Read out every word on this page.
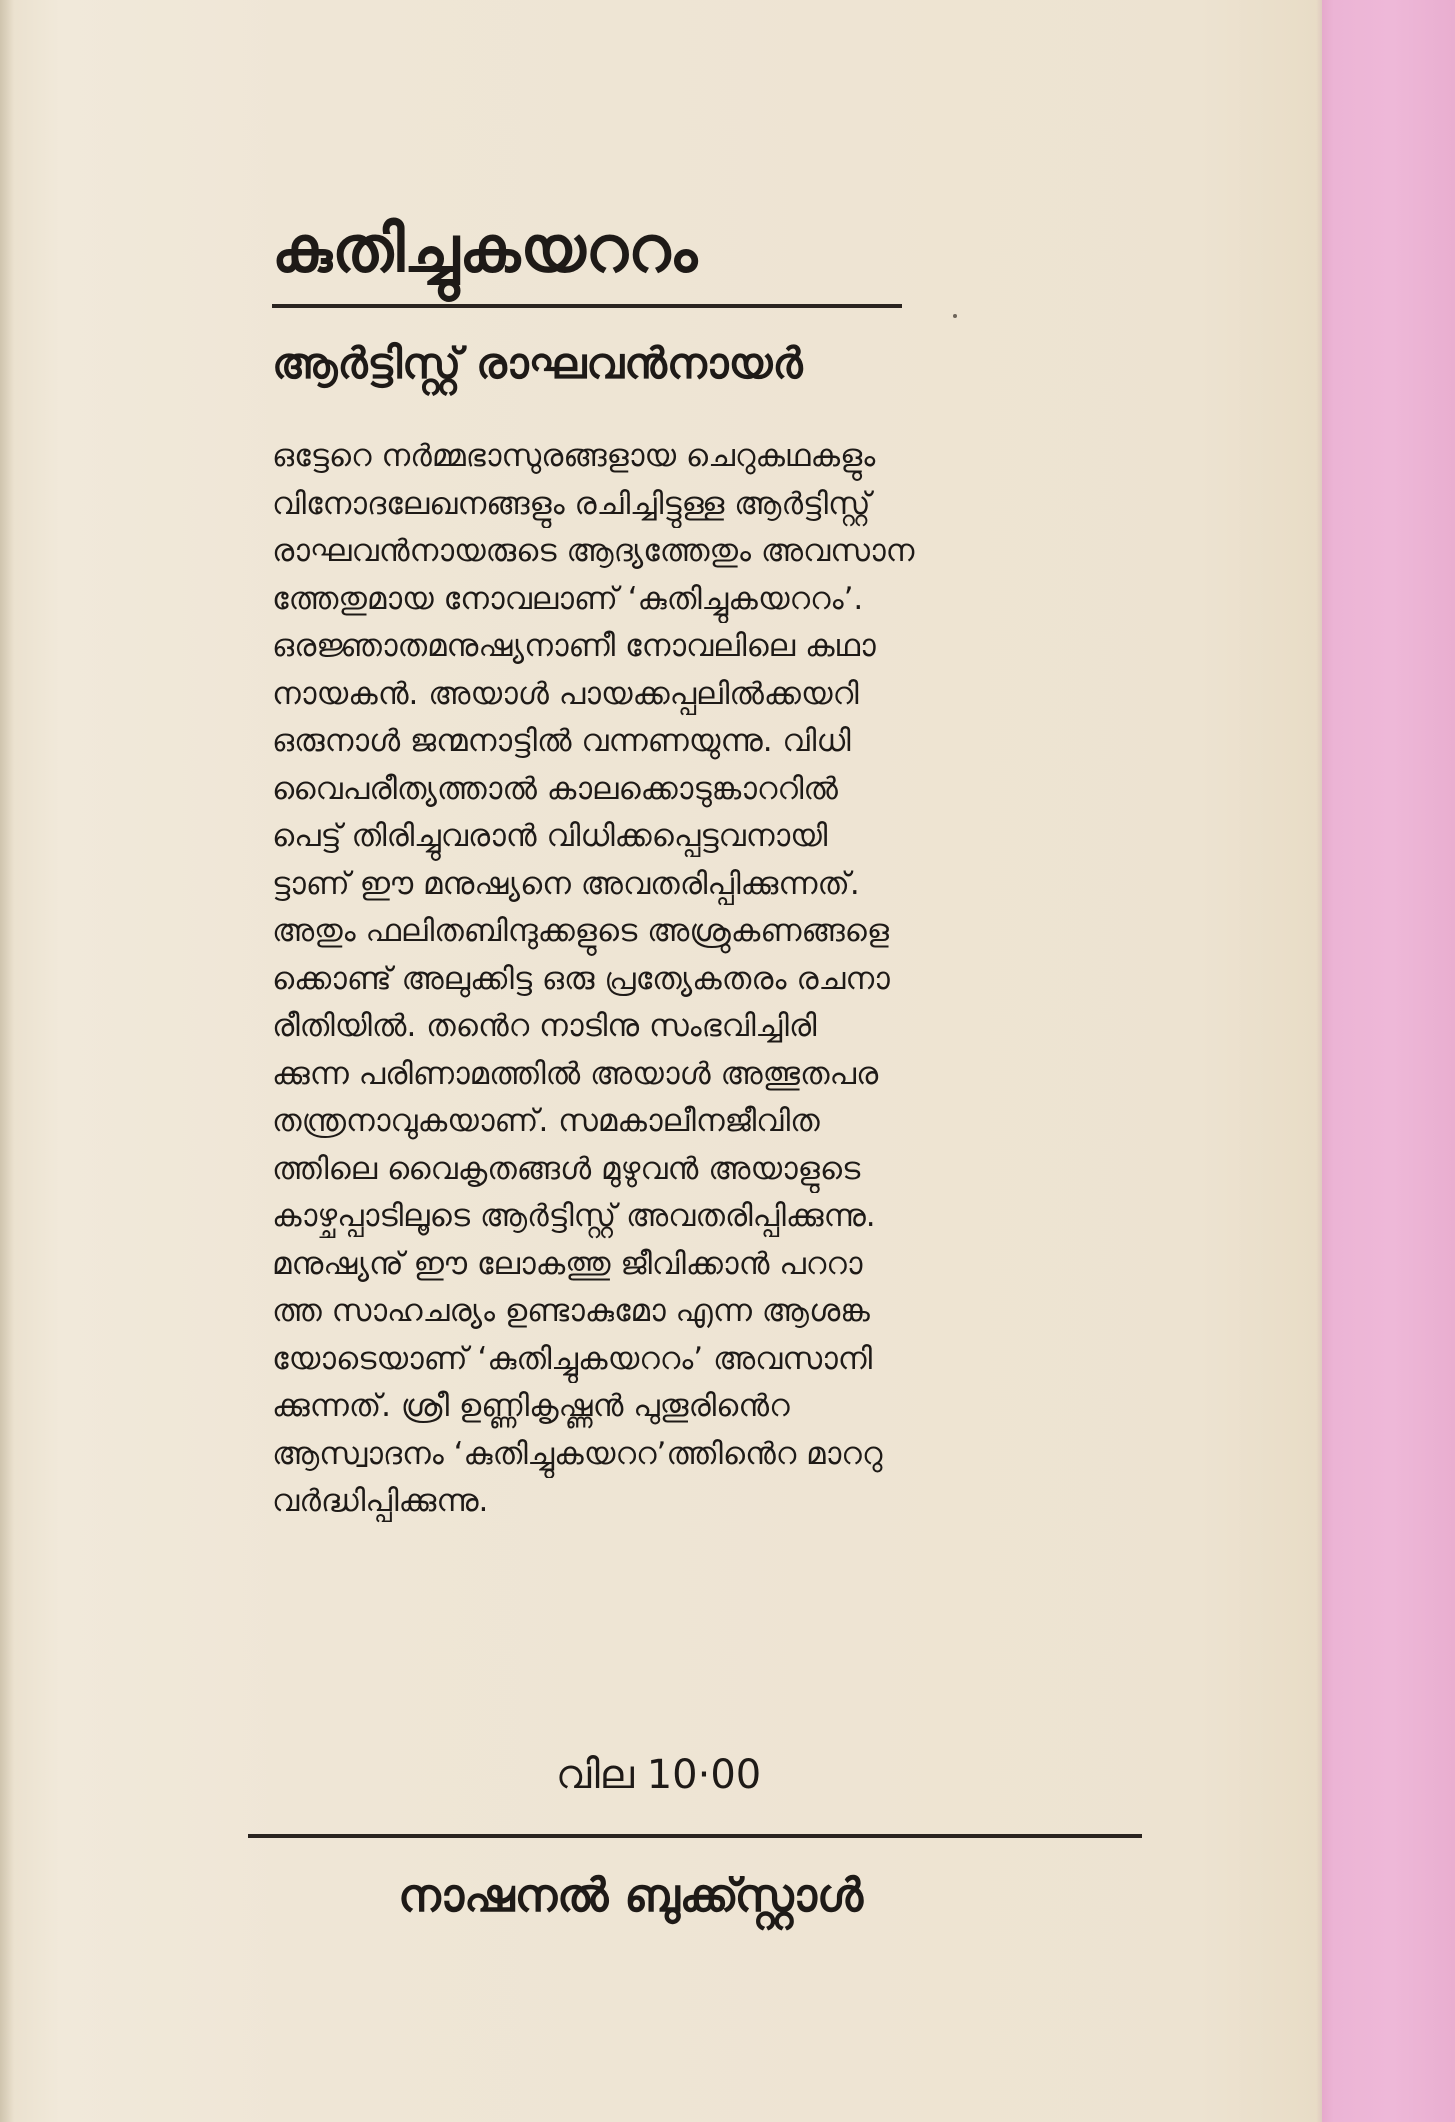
കുതിച്ചുകയററം
ആർട്ടിസ്റ്റ് രാഘവൻനായർ
ഒട്ടേറെ നർമ്മഭാസുരങ്ങളായ ചെറുകഥകളും
വിനോദലേഖനങ്ങളും രചിച്ചിട്ടുള്ള ആർട്ടിസ്റ്റ്
രാഘവൻനായരുടെ ആദ്യത്തേതും അവസാന
ത്തേതുമായ നോവലാണ് ‘കുതിച്ചുകയററം’.
ഒരജ്ഞാതമനുഷ്യനാണീ നോവലിലെ കഥാ
നായകൻ. അയാൾ പായക്കപ്പലിൽക്കയറി
ഒരുനാൾ ജന്മനാട്ടിൽ വന്നണയുന്നു. വിധി
വൈപരീത്യത്താൽ കാലക്കൊടുങ്കാററിൽ
പെട്ട് തിരിച്ചുവരാൻ വിധിക്കപ്പെട്ടവനായി
ട്ടാണ് ഈ മനുഷ്യനെ അവതരിപ്പിക്കുന്നത്.
അതും ഫലിതബിന്ദുക്കളുടെ അശ്രുകണങ്ങളെ
ക്കൊണ്ട് അലുക്കിട്ട ഒരു പ്രത്യേകതരം രചനാ
രീതിയിൽ. തൻെറ നാടിനു സംഭവിച്ചിരി
ക്കുന്ന പരിണാമത്തിൽ അയാൾ അത്ഭുതപര
തന്ത്രനാവുകയാണ്. സമകാലീനജീവിത
ത്തിലെ വൈകൃതങ്ങൾ മുഴുവൻ അയാളുടെ
കാഴ്ചപ്പാടിലൂടെ ആർട്ടിസ്റ്റ് അവതരിപ്പിക്കുന്നു.
മനുഷ്യനു് ഈ ലോകത്തു ജീവിക്കാൻ പററാ
ത്ത സാഹചര്യം ഉണ്ടാകുമോ എന്ന ആശങ്ക
യോടെയാണ് ‘കുതിച്ചുകയററം’ അവസാനി
ക്കുന്നത്. ശ്രീ ഉണ്ണികൃഷ്ണൻ പുതൂരിൻെറ
ആസ്വാദനം ‘കുതിച്ചുകയററ’ത്തിൻെറ മാററു
വർദ്ധിപ്പിക്കുന്നു.
വില 10·00
നാഷനൽ ബുക്ക്സ്റ്റാൾ
